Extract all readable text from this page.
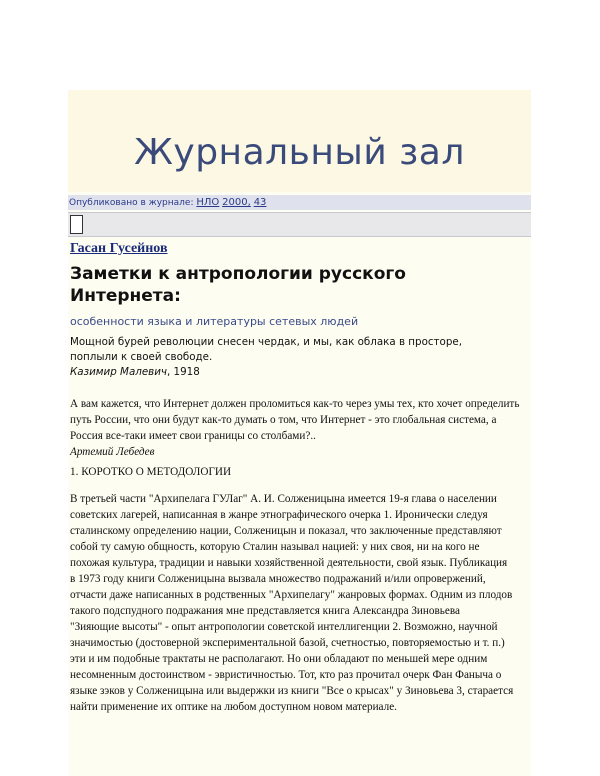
Журнальный зал
Опубликовано в журнале: НЛО 2000, 43
Гасан Гусейнов
Заметки к антропологии русского Интернета:
особенности языка и литературы сетевых людей
Мощной бурей революции снесен чердак, и мы, как облака в просторе, поплыли к своей свободе.
Казимир Малевич, 1918
А вам кажется, что Интернет должен проломиться как-то через умы тех, кто хочет определить путь России, что они будут как-то думать о том, что Интернет - это глобальная система, а Россия все-таки имеет свои границы со столбами?..
Артемий Лебедев
1. КОРОТКО О МЕТОДОЛОГИИ
В третьей части "Архипелага ГУЛаг" А. И. Солженицына имеется 19-я глава о населении
советских лагерей, написанная в жанре этнографического очерка 1. Иронически следуя
сталинскому определению нации, Солженицын и показал, что заключенные представляют
собой ту самую общность, которую Сталин называл нацией: у них своя, ни на кого не
похожая культура, традиции и навыки хозяйственной деятельности, свой язык. Публикация
в 1973 году книги Солженицына вызвала множество подражаний и/или опровержений,
отчасти даже написанных в родственных "Архипелагу" жанровых формах. Одним из плодов
такого подспудного подражания мне представляется книга Александра Зиновьева
"Зияющие высоты" - опыт антропологии советской интеллигенции 2. Возможно, научной
значимостью (достоверной экспериментальной базой, счетностью, повторяемостью и т. п.)
эти и им подобные трактаты не располагают. Но они обладают по меньшей мере одним
несомненным достоинством - эвристичностью. Тот, кто раз прочитал очерк Фан Фаныча о
языке зэков у Солженицына или выдержки из книги "Все о крысах" у Зиновьева 3, старается
найти применение их оптике на любом доступном новом материале.
